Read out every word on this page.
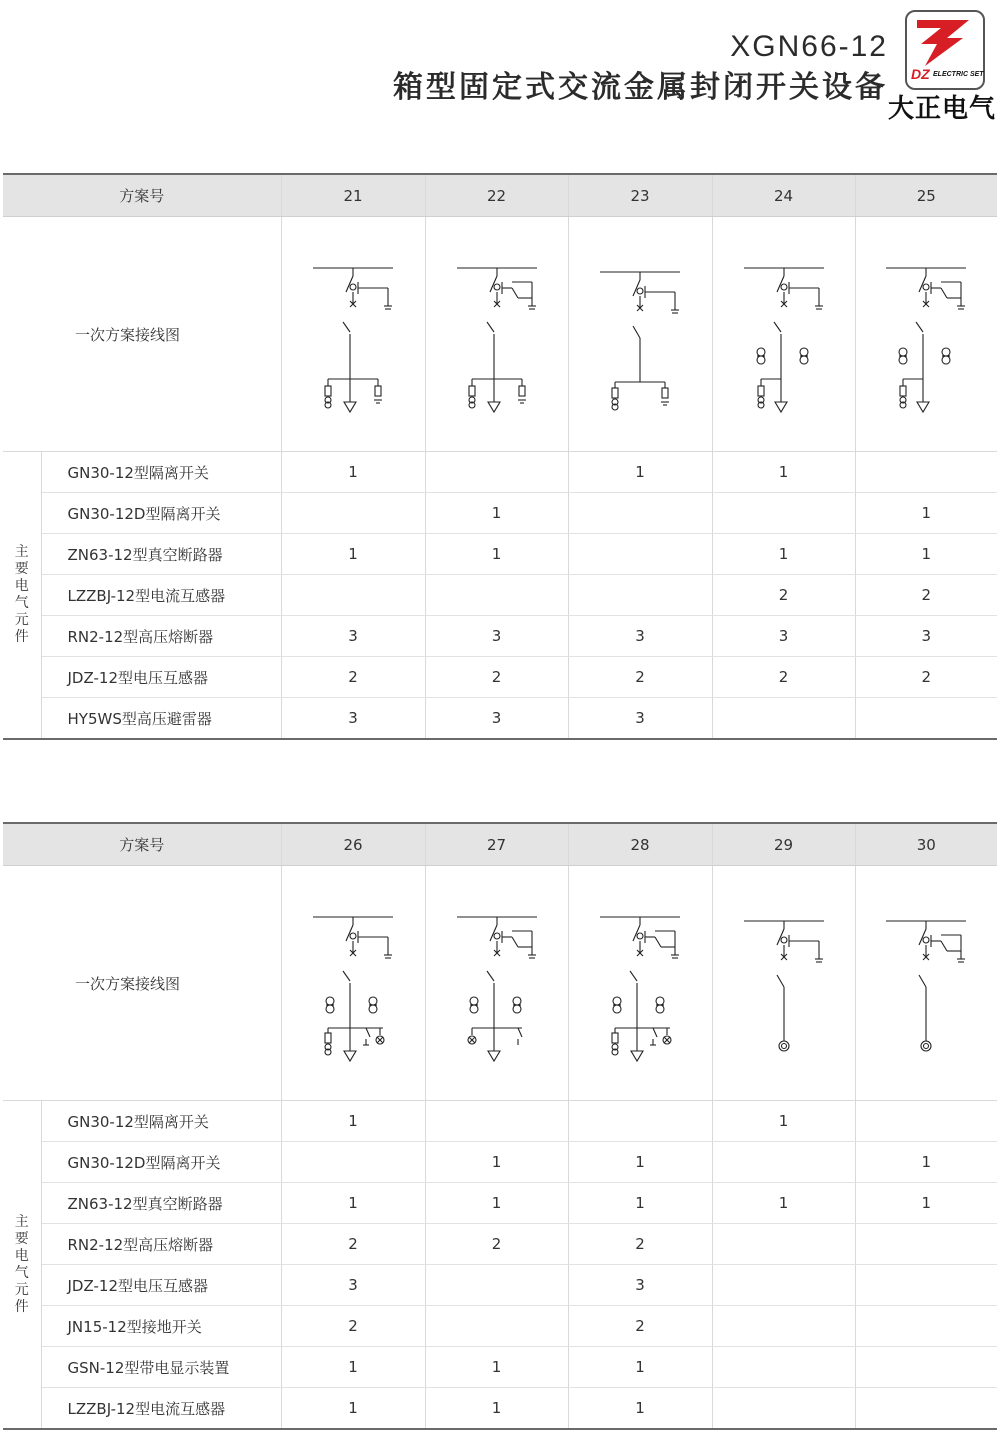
XGN66-12
箱型固定式交流金属封闭开关设备 DZ ELECTRIC SET
大正电气
方案号		21	22	23	24	25
一次方案接线图	

主要电气元件	GN30-12型隔离开关	1		1	1	
	GN30-12D型隔离开关		1			1
	ZN63-12型真空断路器	1	1		1	1
	LZZBJ-12型电流互感器				2	2
	RN2-12型高压熔断器	3	3	3	3	3
	JDZ-12型电压互感器	2	2	2	2	2
	HY5WS型高压避雷器	3	3	3		
方案号		26	27	28	29	30
一次方案接线图	

主要电气元件	GN30-12型隔离开关	1			1	
	GN30-12D型隔离开关		1	1		1
	ZN63-12型真空断路器	1	1	1	1	1
	RN2-12型高压熔断器	2	2	2		
	JDZ-12型电压互感器	3		3		
	JN15-12型接地开关	2		2		
	GSN-12型带电显示装置	1	1	1		
	LZZBJ-12型电流互感器	1	1	1		
